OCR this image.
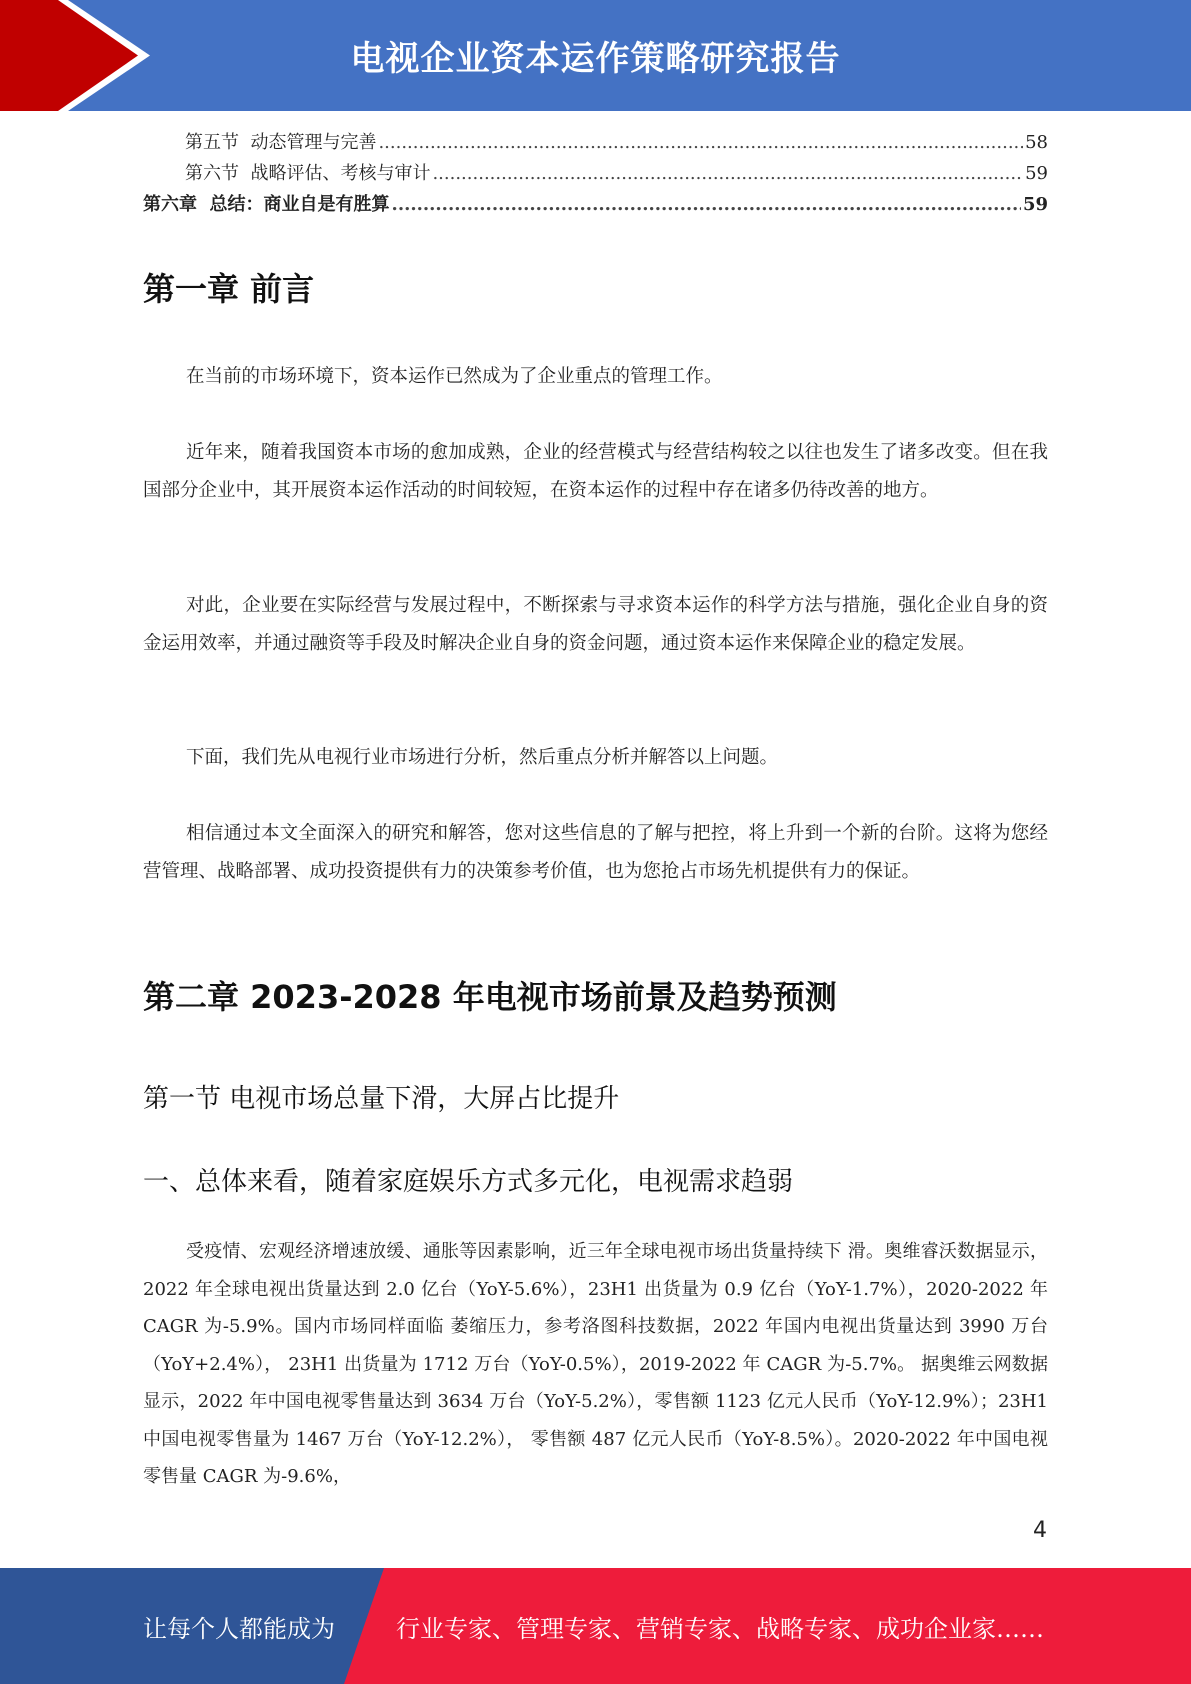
电视企业资本运作策略研究报告
第五节  动态管理与完善 .....	58
第六节  战略评估、考核与审计 .....	59
第六章  总结：商业自是有胜算 .....	59
第一章 前言

在当前的市场环境下，资本运作已然成为了企业重点的管理工作。

近年来，随着我国资本市场的愈加成熟，企业的经营模式与经营结构较之以往也发生了诸多改变。但在我国部分企业中，其开展资本运作活动的时间较短，在资本运作的过程中存在诸多仍待改善的地方。

对此，企业要在实际经营与发展过程中，不断探索与寻求资本运作的科学方法与措施，强化企业自身的资金运用效率，并通过融资等手段及时解决企业自身的资金问题，通过资本运作来保障企业的稳定发展。

下面，我们先从电视行业市场进行分析，然后重点分析并解答以上问题。

相信通过本文全面深入的研究和解答，您对这些信息的了解与把控，将上升到一个新的台阶。这将为您经营管理、战略部署、成功投资提供有力的决策参考价值，也为您抢占市场先机提供有力的保证。

第二章 2023-2028 年电视市场前景及趋势预测
第一节 电视市场总量下滑，大屏占比提升
一、总体来看，随着家庭娱乐方式多元化，电视需求趋弱

受疫情、宏观经济增速放缓、通胀等因素影响，近三年全球电视市场出货量持续下 滑。奥维睿沃数据显示，2022 年全球电视出货量达到 2.0 亿台（YoY-5.6%），23H1 出货量为 0.9 亿台（YoY-1.7%），2020-2022 年 CAGR 为-5.9%。国内市场同样面临 萎缩压力，参考洛图科技数据，2022 年国内电视出货量达到 3990 万台（YoY+2.4%）， 23H1 出货量为 1712 万台（YoY-0.5%），2019-2022 年 CAGR 为-5.7%。 据奥维云网数据显示，2022 年中国电视零售量达到 3634 万台（YoY-5.2%），零售额 1123 亿元人民币（YoY-12.9%）；23H1 中国电视零售量为 1467 万台（YoY-12.2%）， 零售额 487 亿元人民币（YoY-8.5%）。2020-2022 年中国电视零售量 CAGR 为-9.6%，

4
让每个人都能成为	行业专家、管理专家、营销专家、战略专家、成功企业家……
